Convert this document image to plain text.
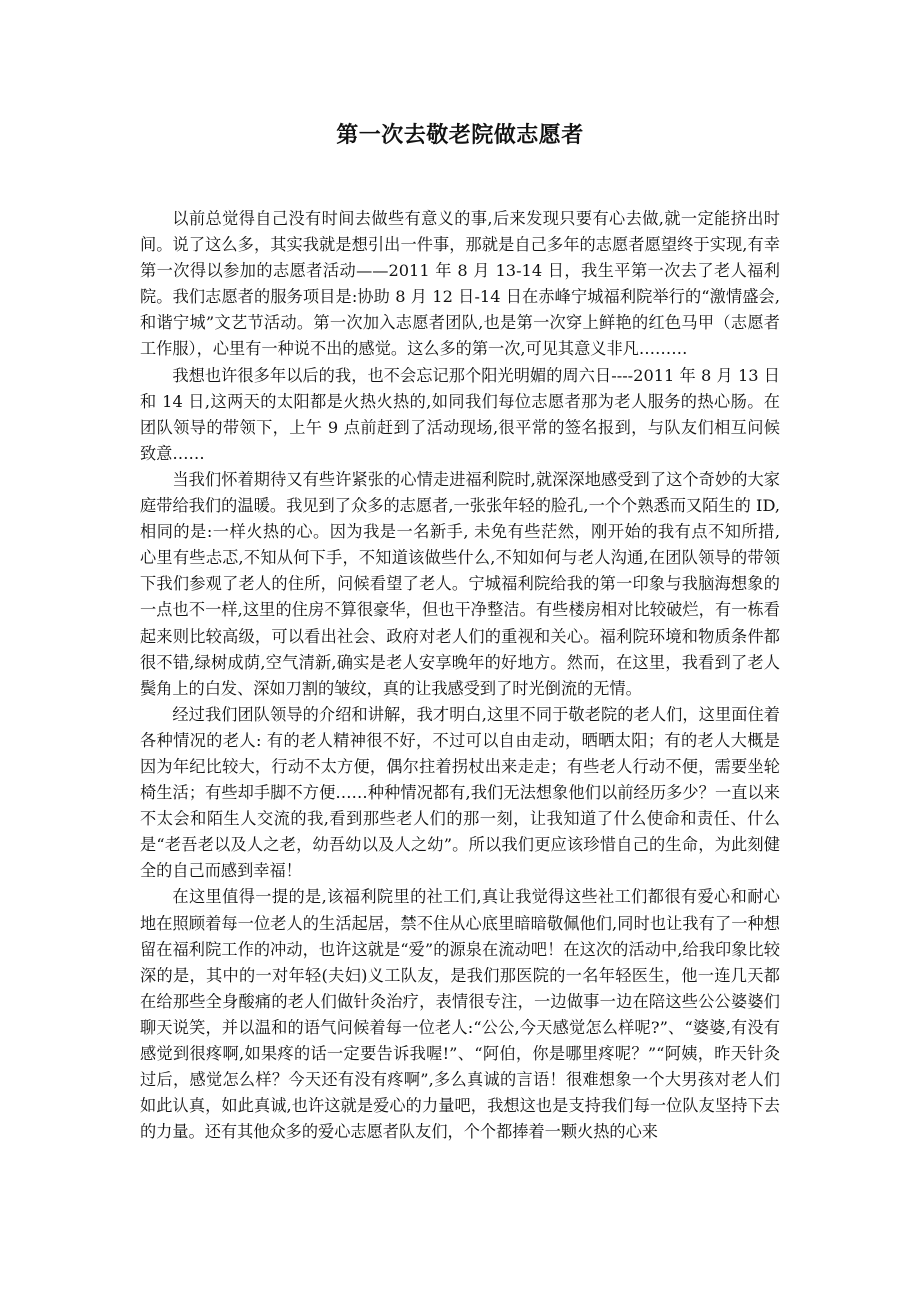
第一次去敬老院做志愿者

以前总觉得自己没有时间去做些有意义的事,后来发现只要有心去做,就一定能挤出时间。说了这么多，其实我就是想引出一件事，那就是自己多年的志愿者愿望终于实现,有幸第一次得以参加的志愿者活动——2011 年 8 月 13-14 日，我生平第一次去了老人福利院。我们志愿者的服务项目是:协助 8 月 12 日-14 日在赤峰宁城福利院举行的“激情盛会,和谐宁城”文艺节活动。第一次加入志愿者团队,也是第一次穿上鲜艳的红色马甲（志愿者工作服），心里有一种说不出的感觉。这么多的第一次,可见其意义非凡………

我想也许很多年以后的我，也不会忘记那个阳光明媚的周六日----2011 年 8 月 13 日和 14 日,这两天的太阳都是火热火热的,如同我们每位志愿者那为老人服务的热心肠。在团队领导的带领下，上午 9 点前赶到了活动现场,很平常的签名报到，与队友们相互问候致意……

当我们怀着期待又有些许紧张的心情走进福利院时,就深深地感受到了这个奇妙的大家庭带给我们的温暖。我见到了众多的志愿者,一张张年轻的脸孔,一个个熟悉而又陌生的 ID,相同的是:一样火热的心。因为我是一名新手, 未免有些茫然，刚开始的我有点不知所措, 心里有些忐忑,不知从何下手，不知道该做些什么,不知如何与老人沟通,在团队领导的带领下我们参观了老人的住所，问候看望了老人。宁城福利院给我的第一印象与我脑海想象的一点也不一样,这里的住房不算很豪华，但也干净整洁。有些楼房相对比较破烂，有一栋看起来则比较高级，可以看出社会、政府对老人们的重视和关心。福利院环境和物质条件都很不错,绿树成荫,空气清新,确实是老人安享晚年的好地方。然而，在这里，我看到了老人鬓角上的白发、深如刀割的皱纹，真的让我感受到了时光倒流的无情。

经过我们团队领导的介绍和讲解，我才明白,这里不同于敬老院的老人们，这里面住着各种情况的老人: 有的老人精神很不好，不过可以自由走动，晒晒太阳；有的老人大概是因为年纪比较大，行动不太方便，偶尔拄着拐杖出来走走；有些老人行动不便，需要坐轮椅生活；有些却手脚不方便……种种情况都有,我们无法想象他们以前经历多少？一直以来不太会和陌生人交流的我,看到那些老人们的那一刻，让我知道了什么使命和责任、什么是“老吾老以及人之老，幼吾幼以及人之幼”。所以我们更应该珍惜自己的生命，为此刻健全的自己而感到幸福！

在这里值得一提的是,该福利院里的社工们,真让我觉得这些社工们都很有爱心和耐心地在照顾着每一位老人的生活起居，禁不住从心底里暗暗敬佩他们,同时也让我有了一种想留在福利院工作的冲动，也许这就是“爱”的源泉在流动吧！在这次的活动中,给我印象比较深的是，其中的一对年轻(夫妇)义工队友，是我们那医院的一名年轻医生，他一连几天都在给那些全身酸痛的老人们做针灸治疗，表情很专注，一边做事一边在陪这些公公婆婆们聊天说笑，并以温和的语气问候着每一位老人:“公公,今天感觉怎么样呢?”、“婆婆,有没有感觉到很疼啊,如果疼的话一定要告诉我喔!”、“阿伯，你是哪里疼呢？”“阿姨，昨天针灸过后，感觉怎么样？今天还有没有疼啊”,多么真诚的言语！很难想象一个大男孩对老人们如此认真，如此真诚,也许这就是爱心的力量吧，我想这也是支持我们每一位队友坚持下去的力量。还有其他众多的爱心志愿者队友们，个个都捧着一颗火热的心来
